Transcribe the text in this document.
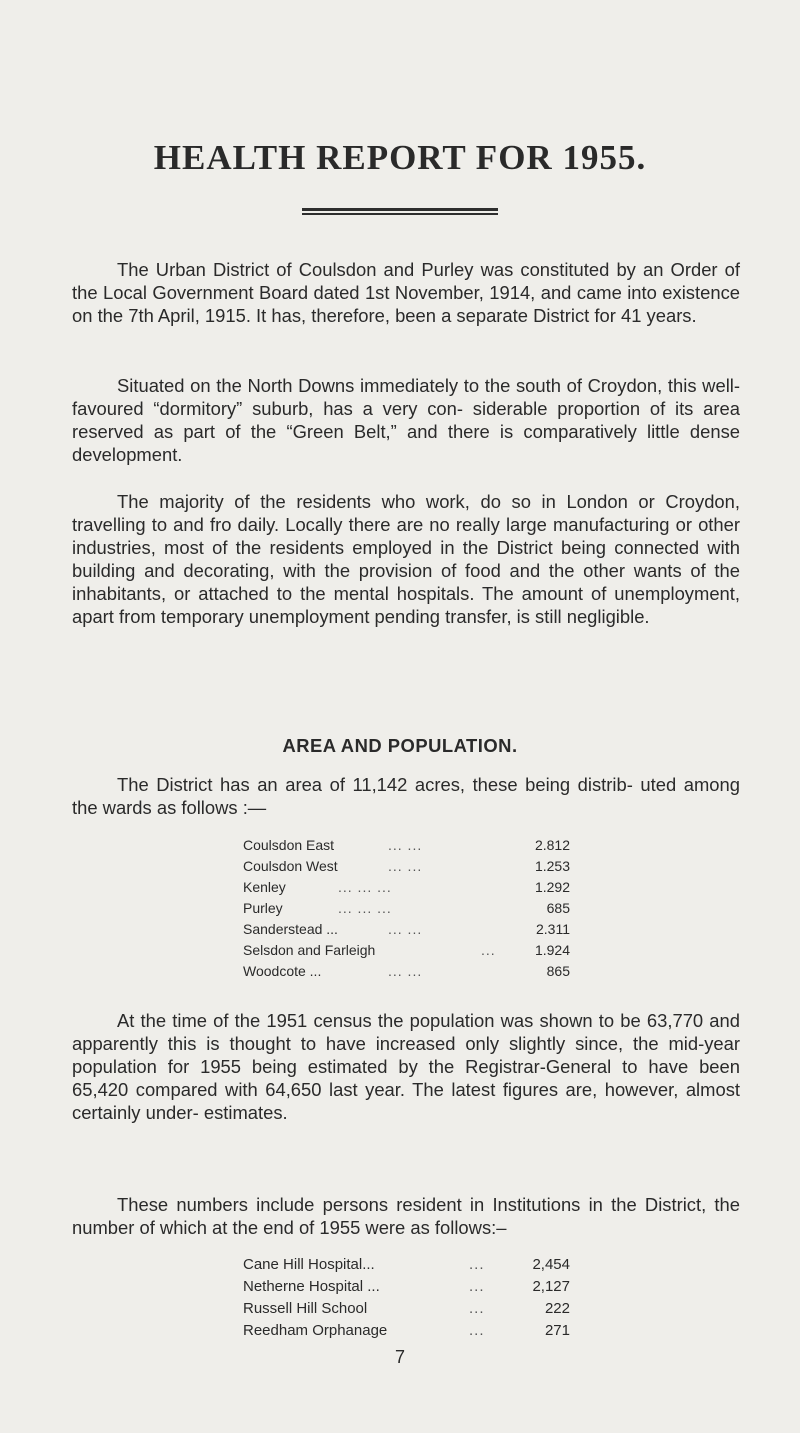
HEALTH REPORT FOR 1955.

The Urban District of Coulsdon and Purley was constituted by an Order of the Local Government Board dated 1st November, 1914, and came into existence on the 7th April, 1915. It has, therefore, been a separate District for 41 years.

Situated on the North Downs immediately to the south of Croydon, this well-favoured “dormitory” suburb, has a very con- siderable proportion of its area reserved as part of the “Green Belt,” and there is comparatively little dense development.

The majority of the residents who work, do so in London or Croydon, travelling to and fro daily. Locally there are no really large manufacturing or other industries, most of the residents employed in the District being connected with building and decorating, with the provision of food and the other wants of the inhabitants, or attached to the mental hospitals. The amount of unemployment, apart from temporary unemployment pending transfer, is still negligible.

AREA AND POPULATION.

The District has an area of 11,142 acres, these being distrib- uted among the wards as follows :—

Coulsdon East	... ...	2.812
Coulsdon West	... ...	1.253
Kenley	... ... ...	1.292
Purley	... ... ...	685
Sanderstead ...	... ...	2.311
Selsdon and Farleigh	...	1.924
Woodcote ...	... ...	865

At the time of the 1951 census the population was shown to be 63,770 and apparently this is thought to have increased only slightly since, the mid-year population for 1955 being estimated by the Registrar-General to have been 65,420 compared with 64,650 last year. The latest figures are, however, almost certainly under- estimates.

These numbers include persons resident in Institutions in the District, the number of which at the end of 1955 were as follows:–

Cane Hill Hospital...	...	2,454
Netherne Hospital ...	...	2,127
Russell Hill School	...	222
Reedham Orphanage	...	271

7
